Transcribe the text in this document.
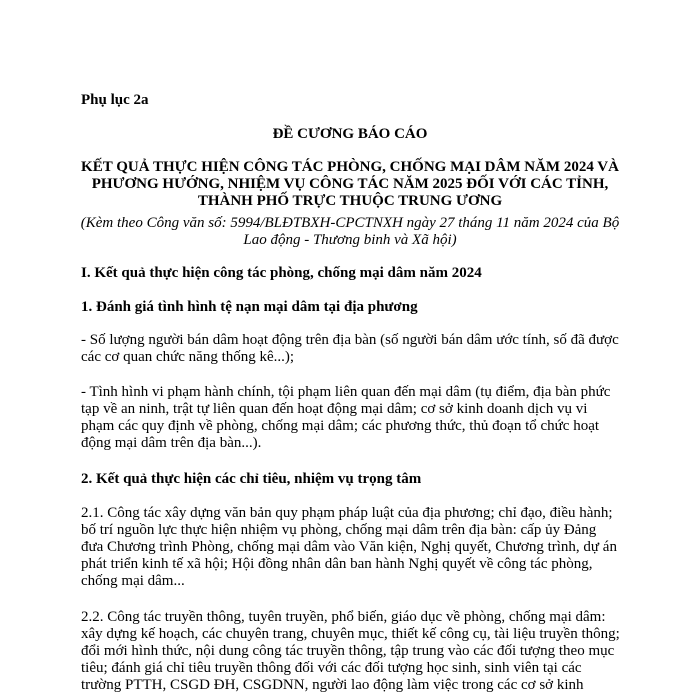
Phụ lục 2a
ĐỀ CƯƠNG BÁO CÁO
KẾT QUẢ THỰC HIỆN CÔNG TÁC PHÒNG, CHỐNG MẠI DÂM NĂM 2024 VÀ
PHƯƠNG HƯỚNG, NHIỆM VỤ CÔNG TÁC NĂM 2025 ĐỐI VỚI CÁC TỈNH,
THÀNH PHỐ TRỰC THUỘC TRUNG ƯƠNG
(Kèm theo Công văn số: 5994/BLĐTBXH-CPCTNXH ngày 27 tháng 11 năm 2024 của Bộ
Lao động - Thương binh và Xã hội)
I. Kết quả thực hiện công tác phòng, chống mại dâm năm 2024
1. Đánh giá tình hình tệ nạn mại dâm tại địa phương
- Số lượng người bán dâm hoạt động trên địa bàn (số người bán dâm ước tính, số đã được
các cơ quan chức năng thống kê...);
- Tình hình vi phạm hành chính, tội phạm liên quan đến mại dâm (tụ điểm, địa bàn phức
tạp về an ninh, trật tự liên quan đến hoạt động mại dâm; cơ sở kinh doanh dịch vụ vi
phạm các quy định về phòng, chống mại dâm; các phương thức, thủ đoạn tổ chức hoạt
động mại dâm trên địa bàn...).
2. Kết quả thực hiện các chỉ tiêu, nhiệm vụ trọng tâm
2.1. Công tác xây dựng văn bản quy phạm pháp luật của địa phương; chỉ đạo, điều hành;
bố trí nguồn lực thực hiện nhiệm vụ phòng, chống mại dâm trên địa bàn: cấp ủy Đảng
đưa Chương trình Phòng, chống mại dâm vào Văn kiện, Nghị quyết, Chương trình, dự án
phát triển kinh tế xã hội; Hội đồng nhân dân ban hành Nghị quyết về công tác phòng,
chống mại dâm...
2.2. Công tác truyền thông, tuyên truyền, phổ biến, giáo dục về phòng, chống mại dâm:
xây dựng kế hoạch, các chuyên trang, chuyên mục, thiết kế công cụ, tài liệu truyền thông;
đổi mới hình thức, nội dung công tác truyền thông, tập trung vào các đối tượng theo mục
tiêu; đánh giá chỉ tiêu truyền thông đối với các đối tượng học sinh, sinh viên tại các
trường PTTH, CSGD ĐH, CSGDNN, người lao động làm việc trong các cơ sở kinh
